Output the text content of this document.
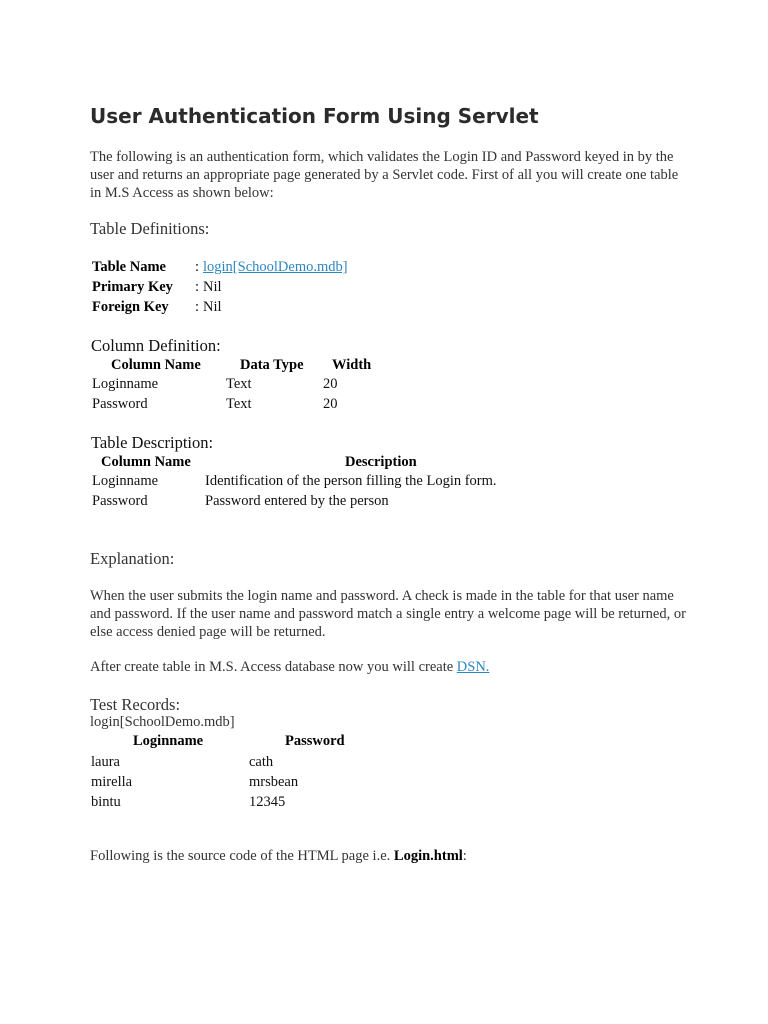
User Authentication Form Using Servlet
The following is an authentication form, which validates the Login ID and Password keyed in by the user and returns an appropriate page generated by a Servlet code. First of all you will create one table in M.S Access as shown below:
Table Definitions:
Table Name : login[SchoolDemo.mdb]
Primary Key : Nil
Foreign Key : Nil
Column Definition:
Column Name	Data Type Width
Loginname	Text	20
Password	Text	20
Table Description:
Column Name	Description
Loginname	Identification of the person filling the Login form.
Password	Password entered by the person
Explanation:
When the user submits the login name and password. A check is made in the table for that user name and password. If the user name and password match a single entry a welcome page will be returned, or else access denied page will be returned.
After create table in M.S. Access database now you will create DSN.
Test Records:
login[SchoolDemo.mdb]
Loginname	Password
laura	cath
mirella	mrsbean
bintu	12345
Following is the source code of the HTML page i.e. Login.html:
